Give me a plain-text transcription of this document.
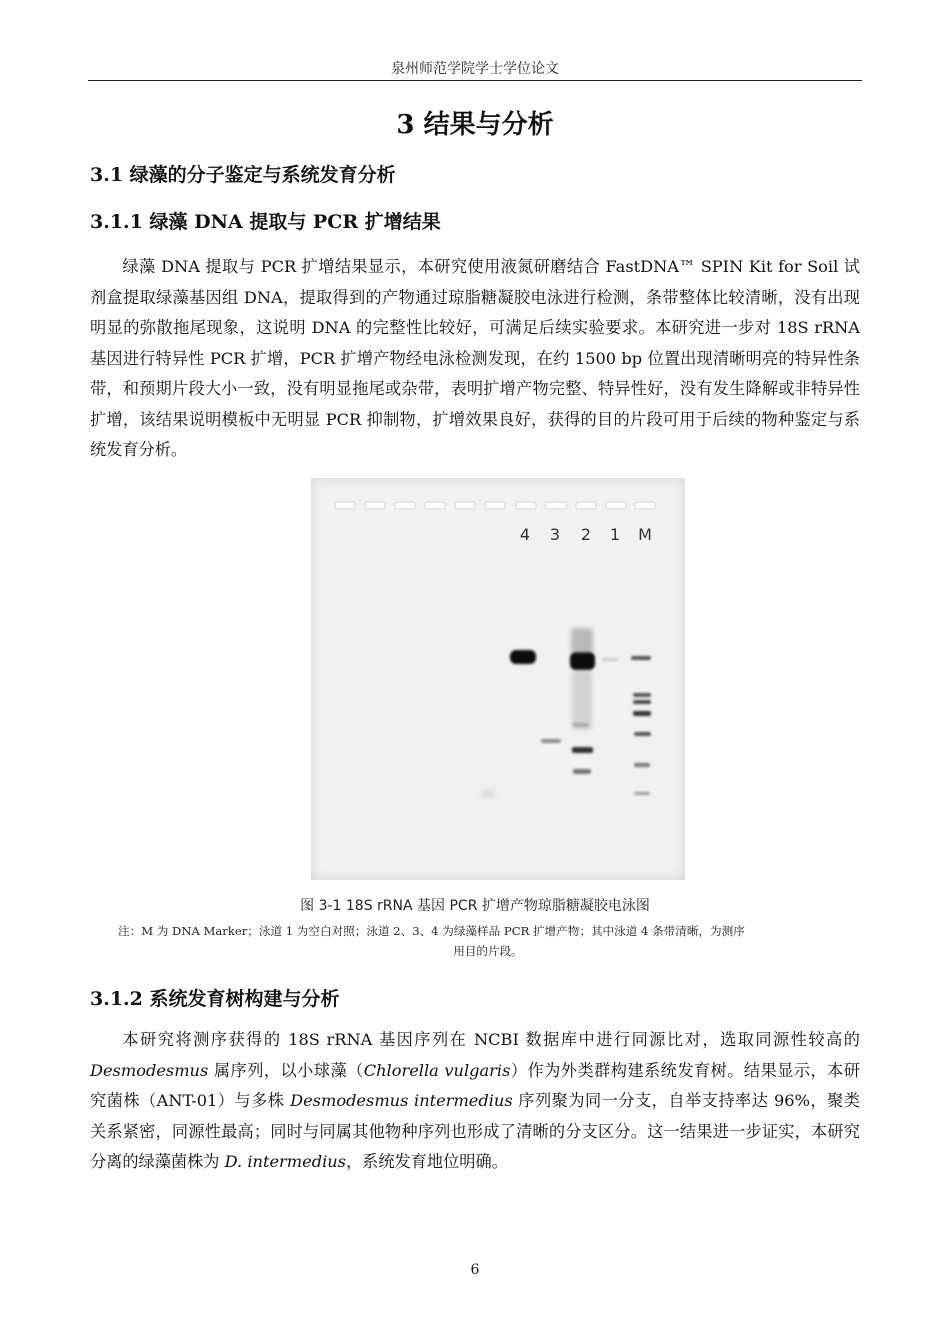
泉州师范学院学士学位论文
3 结果与分析
3.1 绿藻的分子鉴定与系统发育分析
3.1.1 绿藻 DNA 提取与 PCR 扩增结果

绿藻 DNA 提取与 PCR 扩增结果显示，本研究使用液氮研磨结合 FastDNA™ SPIN Kit for Soil 试剂盒提取绿藻基因组 DNA，提取得到的产物通过琼脂糖凝胶电泳进行检测，条带整体比较清晰，没有出现明显的弥散拖尾现象，这说明 DNA 的完整性比较好，可满足后续实验要求。本研究进一步对 18S rRNA 基因进行特异性 PCR 扩增，PCR 扩增产物经电泳检测发现，在约 1500 bp 位置出现清晰明亮的特异性条带，和预期片段大小一致，没有明显拖尾或杂带，表明扩增产物完整、特异性好，没有发生降解或非特异性扩增，该结果说明模板中无明显 PCR 抑制物，扩增效果良好，获得的目的片段可用于后续的物种鉴定与系统发育分析。

4	3	2	1	M
图 3-1 18S rRNA 基因 PCR 扩增产物琼脂糖凝胶电泳图

注：M 为 DNA Marker；泳道 1 为空白对照；泳道 2、3、4 为绿藻样品 PCR 扩增产物；其中泳道 4 条带清晰，为测序
用目的片段。

3.1.2 系统发育树构建与分析

本研究将测序获得的 18S rRNA 基因序列在 NCBI 数据库中进行同源比对，选取同源性较高的 Desmodesmus 属序列，以小球藻（Chlorella vulgaris）作为外类群构建系统发育树。结果显示，本研究菌株（ANT-01）与多株 Desmodesmus intermedius 序列聚为同一分支，自举支持率达 96%，聚类关系紧密，同源性最高；同时与同属其他物种序列也形成了清晰的分支区分。这一结果进一步证实，本研究分离的绿藻菌株为 D. intermedius，系统发育地位明确。

6
